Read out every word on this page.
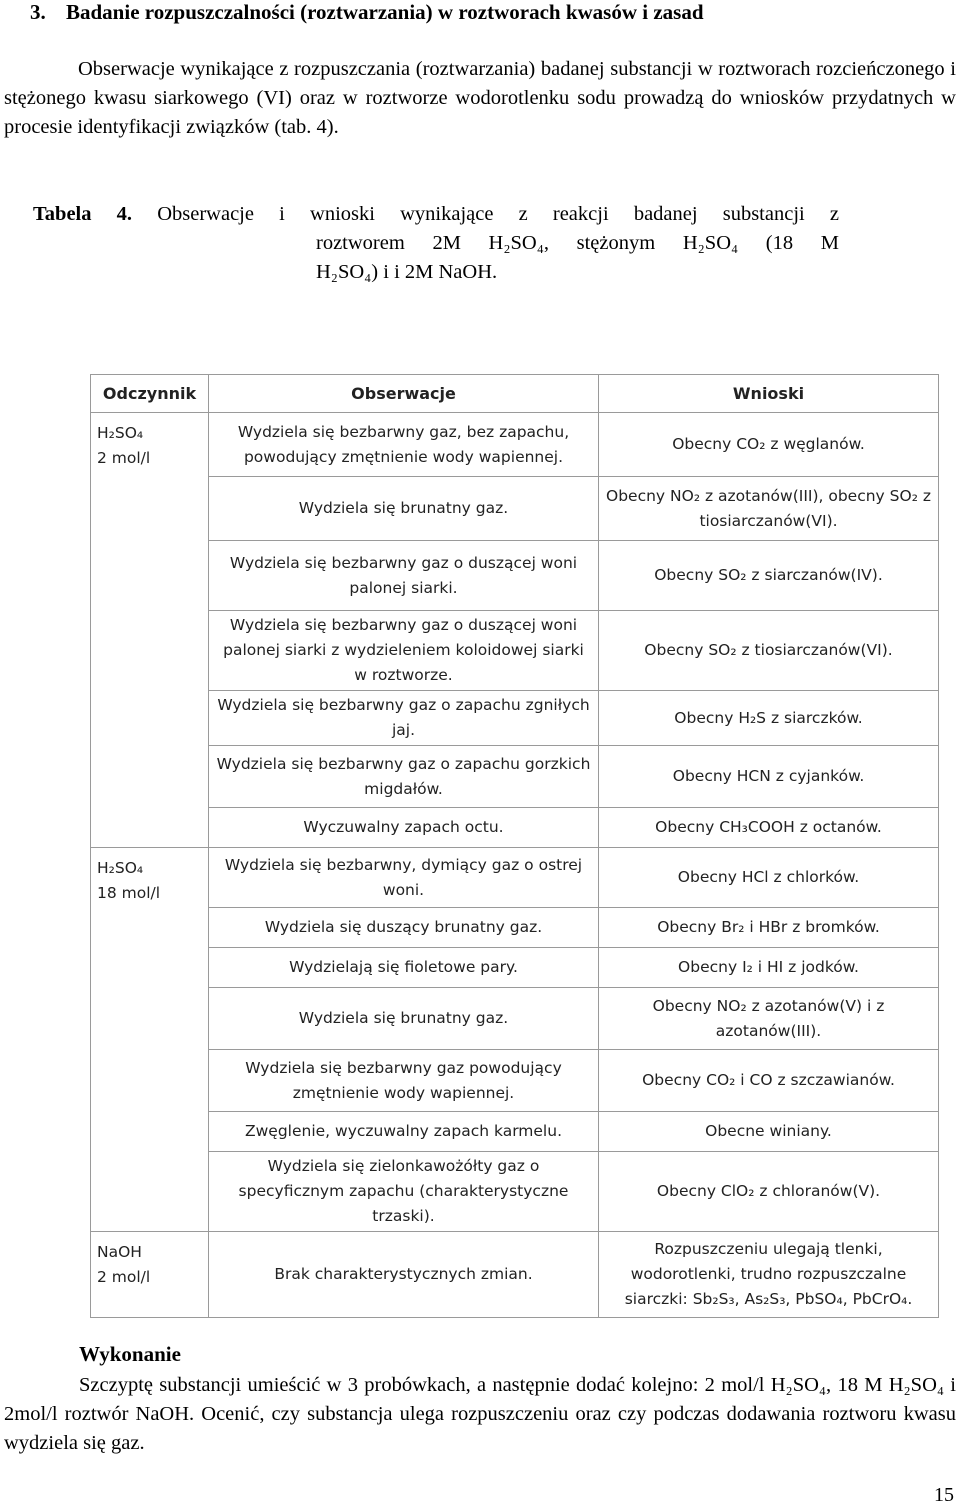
3. Badanie rozpuszczalności (roztwarzania) w roztworach kwasów i zasad
Obserwacje wynikające z rozpuszczania (roztwarzania) badanej substancji w roztworach rozcieńczonego i stężonego kwasu siarkowego (VI) oraz w roztworze wodorotlenku sodu prowadzą do wniosków przydatnych w procesie identyfikacji związków (tab. 4).
Tabela 4. Obserwacje i wnioski wynikające z reakcji badanej substancji z
roztworem 2M H₂SO₄, stężonym H₂SO₄ (18 M
H₂SO₄) i i 2M NaOH.
Odczynnik	Obserwacje	Wnioski

H₂SO₄
2 mol/l	Wydziela się bezbarwny gaz, bez zapachu, powodujący zmętnienie wody wapiennej.	Obecny CO₂ z węglanów.
	Wydziela się brunatny gaz.	Obecny NO₂ z azotanów(III), obecny SO₂ z tiosiarczanów(VI).
	Wydziela się bezbarwny gaz o duszącej woni palonej siarki.	Obecny SO₂ z siarczanów(IV).
	Wydziela się bezbarwny gaz o duszącej woni palonej siarki z wydzieleniem koloidowej siarki w roztworze.	Obecny SO₂ z tiosiarczanów(VI).
	Wydziela się bezbarwny gaz o zapachu zgniłych jaj.	Obecny H₂S z siarczków.
	Wydziela się bezbarwny gaz o zapachu gorzkich migdałów.	Obecny HCN z cyjanków.
	Wyczuwalny zapach octu.	Obecny CH₃COOH z octanów.

H₂SO₄
18 mol/l	Wydziela się bezbarwny, dymiący gaz o ostrej woni.	Obecny HCl z chlorków.
	Wydziela się duszący brunatny gaz.	Obecny Br₂ i HBr z bromków.
	Wydzielają się fioletowe pary.	Obecny I₂ i HI z jodków.
	Wydziela się brunatny gaz.	Obecny NO₂ z azotanów(V) i z azotanów(III).
	Wydziela się bezbarwny gaz powodujący zmętnienie wody wapiennej.	Obecny CO₂ i CO z szczawianów.
	Zwęglenie, wyczuwalny zapach karmelu.	Obecne winiany.
	Wydziela się zielonkawożółty gaz o specyficznym zapachu (charakterystyczne trzaski).	Obecny ClO₂ z chloranów(V).

NaOH
2 mol/l	Brak charakterystycznych zmian.	Rozpuszczeniu ulegają tlenki, wodorotlenki, trudno rozpuszczalne siarczki: Sb₂S₃, As₂S₃, PbSO₄, PbCrO₄.
Wykonanie
Szczyptę substancji umieścić w 3 probówkach, a następnie dodać kolejno: 2 mol/l H₂SO₄, 18 M H₂SO₄ i 2mol/l roztwór NaOH. Ocenić, czy substancja ulega rozpuszczeniu oraz czy podczas dodawania roztworu kwasu wydziela się gaz.
15
